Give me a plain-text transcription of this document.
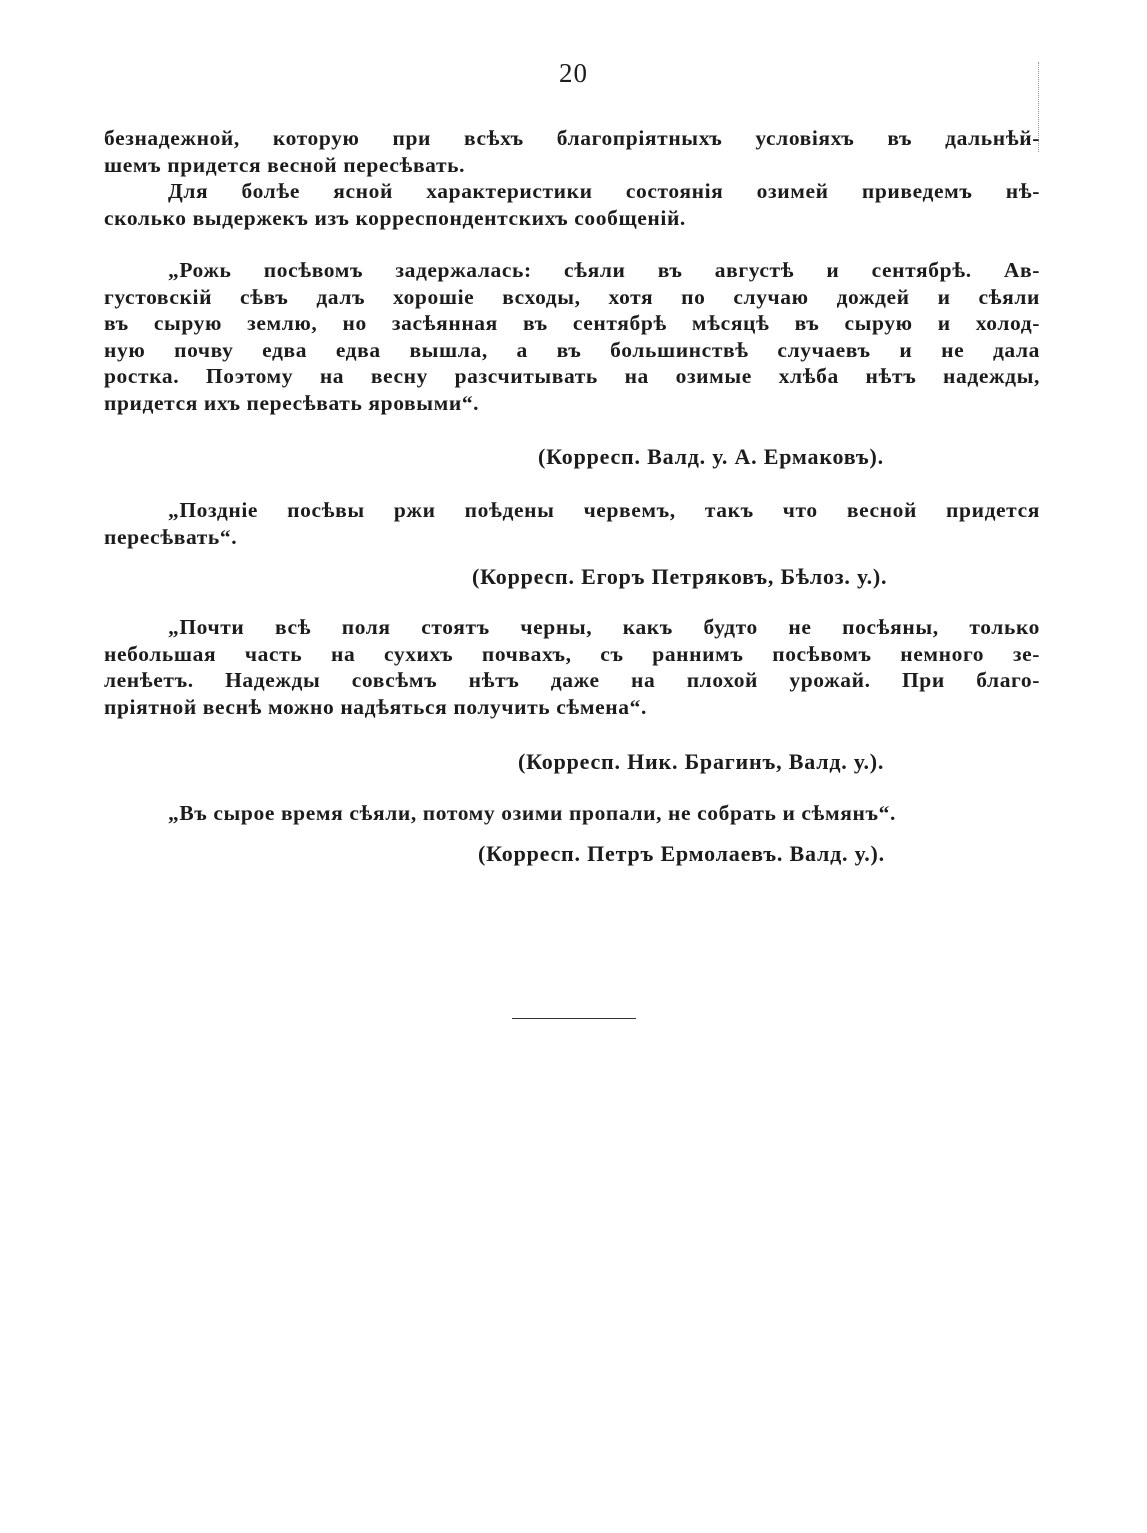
20
безнадежной, которую при всѣхъ благопріятныхъ условіяхъ въ дальнѣй-
шемъ придется весной пересѣвать.
Для болѣе ясной характеристики состоянія озимей приведемъ нѣ-
сколько выдержекъ изъ корреспондентскихъ сообщеній.
„Рожь посѣвомъ задержалась: сѣяли въ августѣ и сентябрѣ. Ав-
густовскій сѣвъ далъ хорошіе всходы, хотя по случаю дождей и сѣяли
въ сырую землю, но засѣянная въ сентябрѣ мѣсяцѣ въ сырую и холод-
ную почву едва едва вышла, а въ большинствѣ случаевъ и не дала
ростка. Поэтому на весну разсчитывать на озимые хлѣба нѣтъ надежды,
придется ихъ пересѣвать яровыми“.
(Корресп. Валд. у. А. Ермаковъ).
„Поздніе посѣвы ржи поѣдены червемъ, такъ что весной придется
пересѣвать“.
(Корресп. Егоръ Петряковъ, Бѣлоз. у.).
„Почти всѣ поля стоятъ черны, какъ будто не посѣяны, только
небольшая часть на сухихъ почвахъ, съ раннимъ посѣвомъ немного зе-
ленѣетъ. Надежды совсѣмъ нѣтъ даже на плохой урожай. При благо-
пріятной веснѣ можно надѣяться получить сѣмена“.
(Корресп. Ник. Брагинъ, Валд. у.).
„Въ сырое время сѣяли, потому озими пропали, не собрать и сѣмянъ“.
(Корресп. Петръ Ермолаевъ. Валд. у.).
